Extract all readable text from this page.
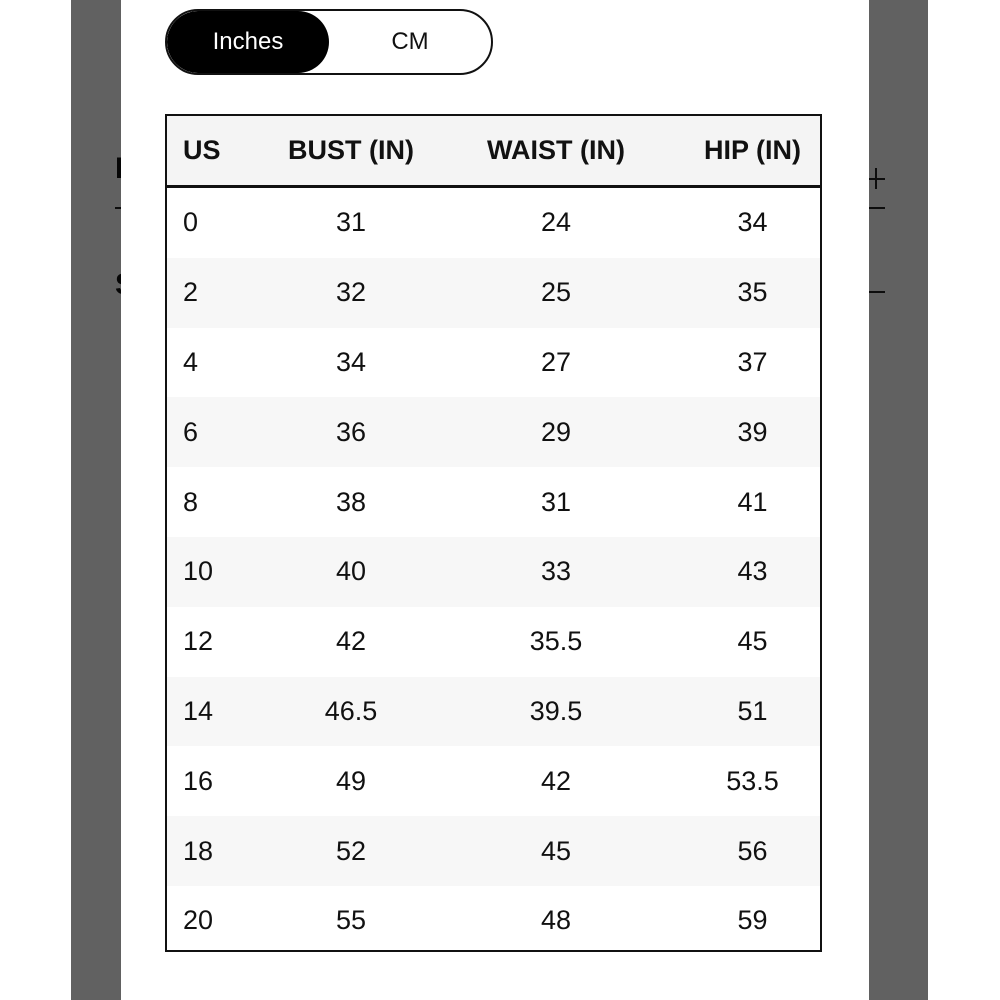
Inches	CM
US	BUST (IN)	WAIST (IN)	HIP (IN)
0	31	24	34
2	32	25	35
4	34	27	37
6	36	29	39
8	38	31	41
10	40	33	43
12	42	35.5	45
14	46.5	39.5	51
16	49	42	53.5
18	52	45	56
20	55	48	59
